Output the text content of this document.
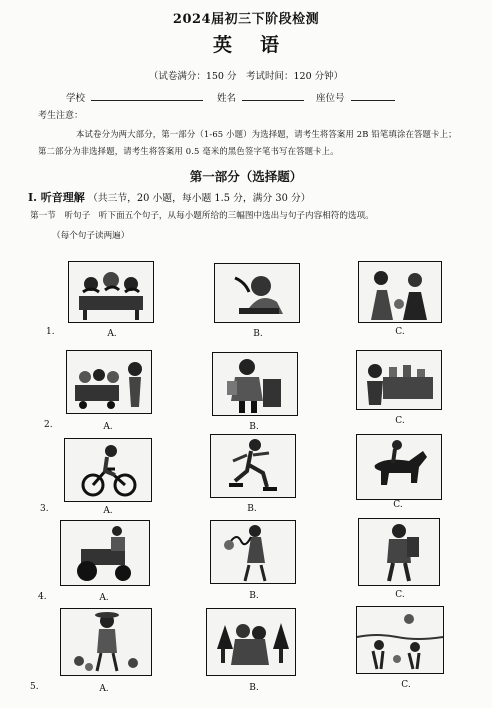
2024届初三下阶段检测
英语
（试卷满分：150 分　考试时间：120 分钟）
学校	姓名	座位号
考生注意：
本试卷分为两大部分，第一部分（1-65 小题）为选择题，请考生将答案用 2B 铅笔填涂在答题卡上；第二部分为非选择题，请考生将答案用 0.5 毫米的黑色签字笔书写在答题卡上。
第一部分（选择题）
I. 听音理解 （共三节，20 小题，每小题 1.5 分，满分 30 分）
第一节　听句子　听下面五个句子，从每小题所给的三幅图中选出与句子内容相符的选项。
（每个句子读两遍）
1.	A.	B.	C.
2.	A.	B.
C.
3.	A.	B.	C.
4.	A.	B.	C.
5.	A.	B.	C.
